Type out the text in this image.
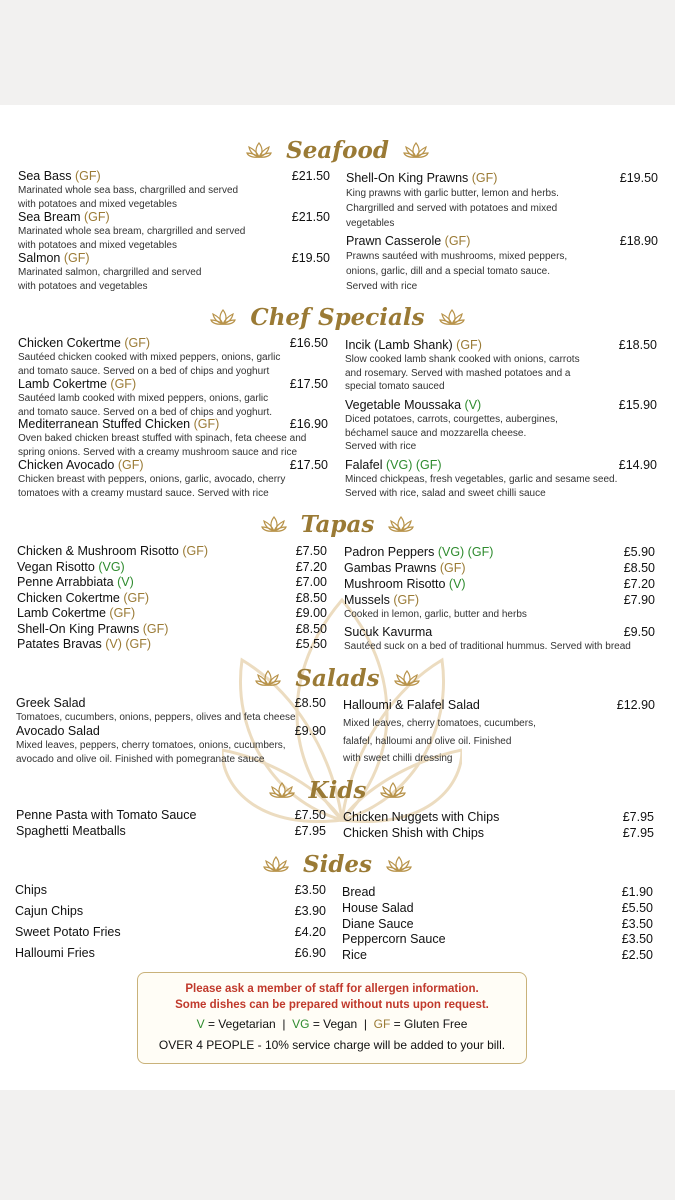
Seafood
Chef Specials
Tapas
Salads
Kids
Sides
Sea Bass (GF)	£21.50
Marinated whole sea bass, chargrilled and served
with potatoes and mixed vegetables
Sea Bream (GF)	£21.50
Marinated whole sea bream, chargrilled and served
with potatoes and mixed vegetables
Salmon (GF)	£19.50
Marinated salmon, chargrilled and served
with potatoes and vegetables
Shell-On King Prawns (GF)	£19.50
King prawns with garlic butter, lemon and herbs.
Chargrilled and served with potatoes and mixed
vegetables
Prawn Casserole (GF)	£18.90
Prawns sautéed with mushrooms, mixed peppers,
onions, garlic, dill and a special tomato sauce.
Served with rice
Chicken Cokertme (GF)	£16.50
Sautéed chicken cooked with mixed peppers, onions, garlic
and tomato sauce. Served on a bed of chips and yoghurt
Lamb Cokertme (GF)	£17.50
Sautéed lamb cooked with mixed peppers, onions, garlic
and tomato sauce. Served on a bed of chips and yoghurt.
Mediterranean Stuffed Chicken (GF)	£16.90
Oven baked chicken breast stuffed with spinach, feta cheese and
spring onions. Served with a creamy mushroom sauce and rice
Chicken Avocado (GF)	£17.50
Chicken breast with peppers, onions, garlic, avocado, cherry
tomatoes with a creamy mustard sauce. Served with rice
Incik (Lamb Shank) (GF)	£18.50
Slow cooked lamb shank cooked with onions, carrots
and rosemary. Served with mashed potatoes and a
special tomato sauced
Vegetable Moussaka (V)	£15.90
Diced potatoes, carrots, courgettes, aubergines,
béchamel sauce and mozzarella cheese.
Served with rice
Falafel (VG) (GF)	£14.90
Minced chickpeas, fresh vegetables, garlic and sesame seed.
Served with rice, salad and sweet chilli sauce
Chicken & Mushroom Risotto (GF)	£7.50
Vegan Risotto (VG)	£7.20
Penne Arrabbiata (V)	£7.00
Chicken Cokertme (GF)	£8.50
Lamb Cokertme (GF)	£9.00
Shell-On King Prawns (GF)	£8.50
Patates Bravas (V) (GF)	£5.50
Padron Peppers (VG) (GF)	£5.90
Gambas Prawns (GF)	£8.50
Mushroom Risotto (V)	£7.20
Mussels (GF)	£7.90
Cooked in lemon, garlic, butter and herbs
Sucuk Kavurma	£9.50
Sautéed suck on a bed of traditional hummus. Served with bread
Greek Salad	£8.50
Tomatoes, cucumbers, onions, peppers, olives and feta cheese
Avocado Salad	£9.90
Mixed leaves, peppers, cherry tomatoes, onions, cucumbers,
avocado and olive oil. Finished with pomegranate sauce
Halloumi & Falafel Salad	£12.90
Mixed leaves, cherry tomatoes, cucumbers,
falafel, halloumi and olive oil. Finished
with sweet chilli dressing
Penne Pasta with Tomato Sauce	£7.50
Spaghetti Meatballs	£7.95
Chicken Nuggets with Chips	£7.95
Chicken Shish with Chips	£7.95
Chips	£3.50
Cajun Chips	£3.90
Sweet Potato Fries	£4.20
Halloumi Fries	£6.90
Bread	£1.90
House Salad	£5.50
Diane Sauce	£3.50
Peppercorn Sauce	£3.50
Rice	£2.50
Please ask a member of staff for allergen information.
Some dishes can be prepared without nuts upon request.
V = Vegetarian  |  VG = Vegan  |  GF = Gluten Free
OVER 4 PEOPLE - 10% service charge will be added to your bill.
